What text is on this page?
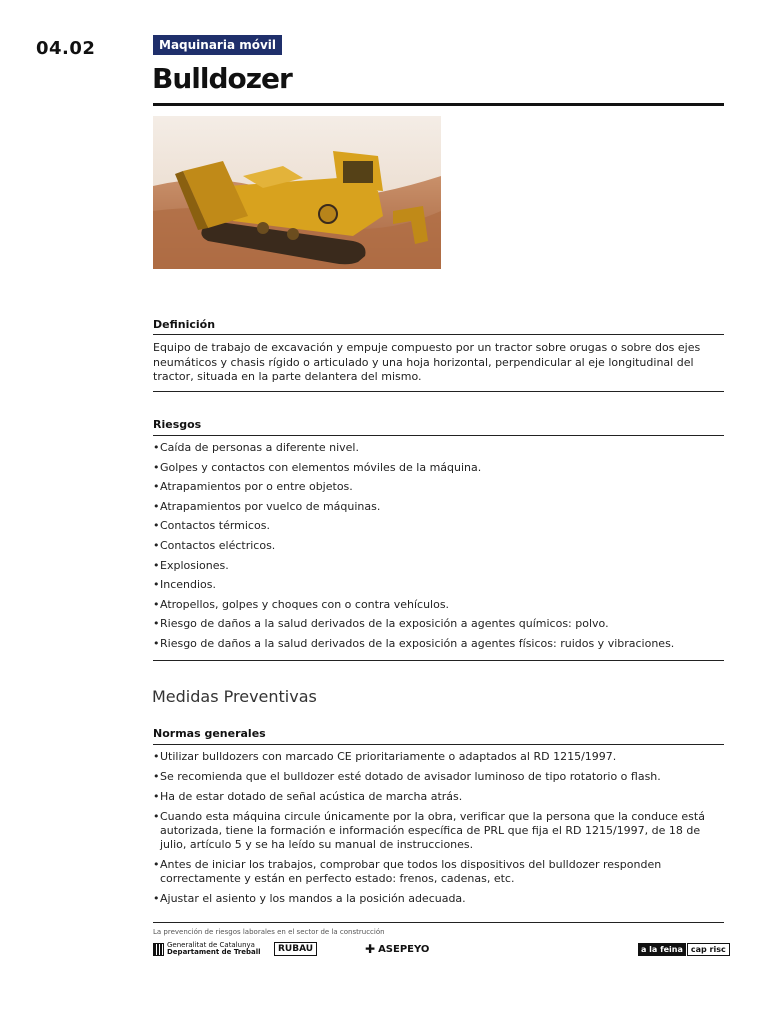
04.02	Maquinaria móvil
Bulldozer
Definición
Equipo de trabajo de excavación y empuje compuesto por un tractor sobre orugas o sobre dos ejes neumáticos y chasis rígido o articulado y una hoja horizontal, perpendicular al eje longitudinal del tractor, situada en la parte delantera del mismo.
Riesgos
• Caída de personas a diferente nivel.
• Golpes y contactos con elementos móviles de la máquina.
• Atrapamientos por o entre objetos.
• Atrapamientos por vuelco de máquinas.
• Contactos térmicos.
• Contactos eléctricos.
• Explosiones.
• Incendios.
• Atropellos, golpes y choques con o contra vehículos.
• Riesgo de daños a la salud derivados de la exposición a agentes químicos: polvo.
• Riesgo de daños a la salud derivados de la exposición a agentes físicos: ruidos y vibraciones.
Medidas Preventivas
Normas generales
• Utilizar bulldozers con marcado CE prioritariamente o adaptados al RD 1215/1997.
• Se recomienda que el bulldozer esté dotado de avisador luminoso de tipo rotatorio o flash.
• Ha de estar dotado de señal acústica de marcha atrás.
• Cuando esta máquina circule únicamente por la obra, verificar que la persona que la conduce está autorizada, tiene la formación e información específica de PRL que fija el RD 1215/1997, de 18 de julio, artículo 5 y se ha leído su manual de instrucciones.
• Antes de iniciar los trabajos, comprobar que todos los dispositivos del bulldozer responden correctamente y están en perfecto estado: frenos, cadenas, etc.
• Ajustar el asiento y los mandos a la posición adecuada.
La prevención de riesgos laborales en el sector de la construcción
Generalitat de Catalunya
Departament de Treball RUBAU	✚ ASEPEYO	a la feina	cap risc
